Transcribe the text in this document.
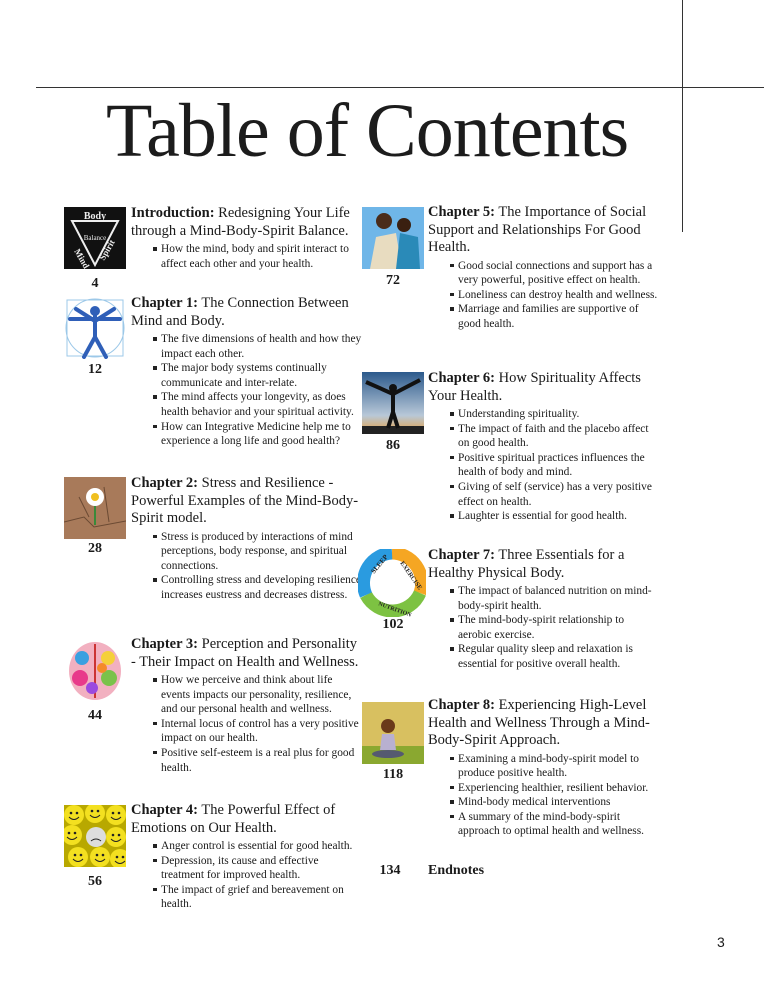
Table of Contents
Body
Balance
Mind Spirit
4
Introduction: Redesigning Your Life through a Mind-Body-Spirit Balance.
How the mind, body and spirit interact to affect each other and your health.
12
Chapter 1: The Connection Between Mind and Body.
The five dimensions of health and how they impact each other.
The major body systems continually communicate and inter-relate.
The mind affects your longevity, as does health behavior and your spiritual activity.
How can Integrative Medicine help me to experience a long life and good health?
28
Chapter 2: Stress and Resilience - Powerful Examples of the Mind-Body-Spirit model.
Stress is produced by interactions of mind perceptions, body response, and spiritual connections.
Controlling stress and developing resilience increases eustress and decreases distress.
44
Chapter 3: Perception and Personality - Their Impact on Health and Wellness.
How we perceive and think about life events impacts our personality, resilience, and our personal health and wellness.
Internal locus of control has a very positive impact on our health.
Positive self-esteem is a real plus for good health.
56
Chapter 4: The Powerful Effect of Emotions on Our Health.
Anger control is essential for good health.
Depression, its cause and effective treatment for improved health.
The impact of grief and bereavement on health.
72
Chapter 5: The Importance of Social Support and Relationships For Good Health.
Good social connections and support has a very powerful, positive effect on health.
Loneliness can destroy health and wellness.
Marriage and families are supportive of good health.
86
Chapter 6: How Spirituality Affects Your Health.
Understanding spirituality.
The impact of faith and the placebo affect on good health.
Positive spiritual practices influences the health of body and mind.
Giving of self (service) has a very positive effect on health.
Laughter is essential for good health.
SLEEP EXERCISE
NUTRITION
102
Chapter 7: Three Essentials for a Healthy Physical Body.
The impact of balanced nutrition on mind-body-spirit health.
The mind-body-spirit relationship to aerobic exercise.
Regular quality sleep and relaxation is essential for positive overall health.
118
Chapter 8: Experiencing High-Level Health and Wellness Through a Mind-Body-Spirit Approach.
Examining a mind-body-spirit model to produce positive health.
Experiencing healthier, resilient behavior.
Mind-body medical interventions
A summary of the mind-body-spirit approach to optimal health and wellness.
134	Endnotes
3
